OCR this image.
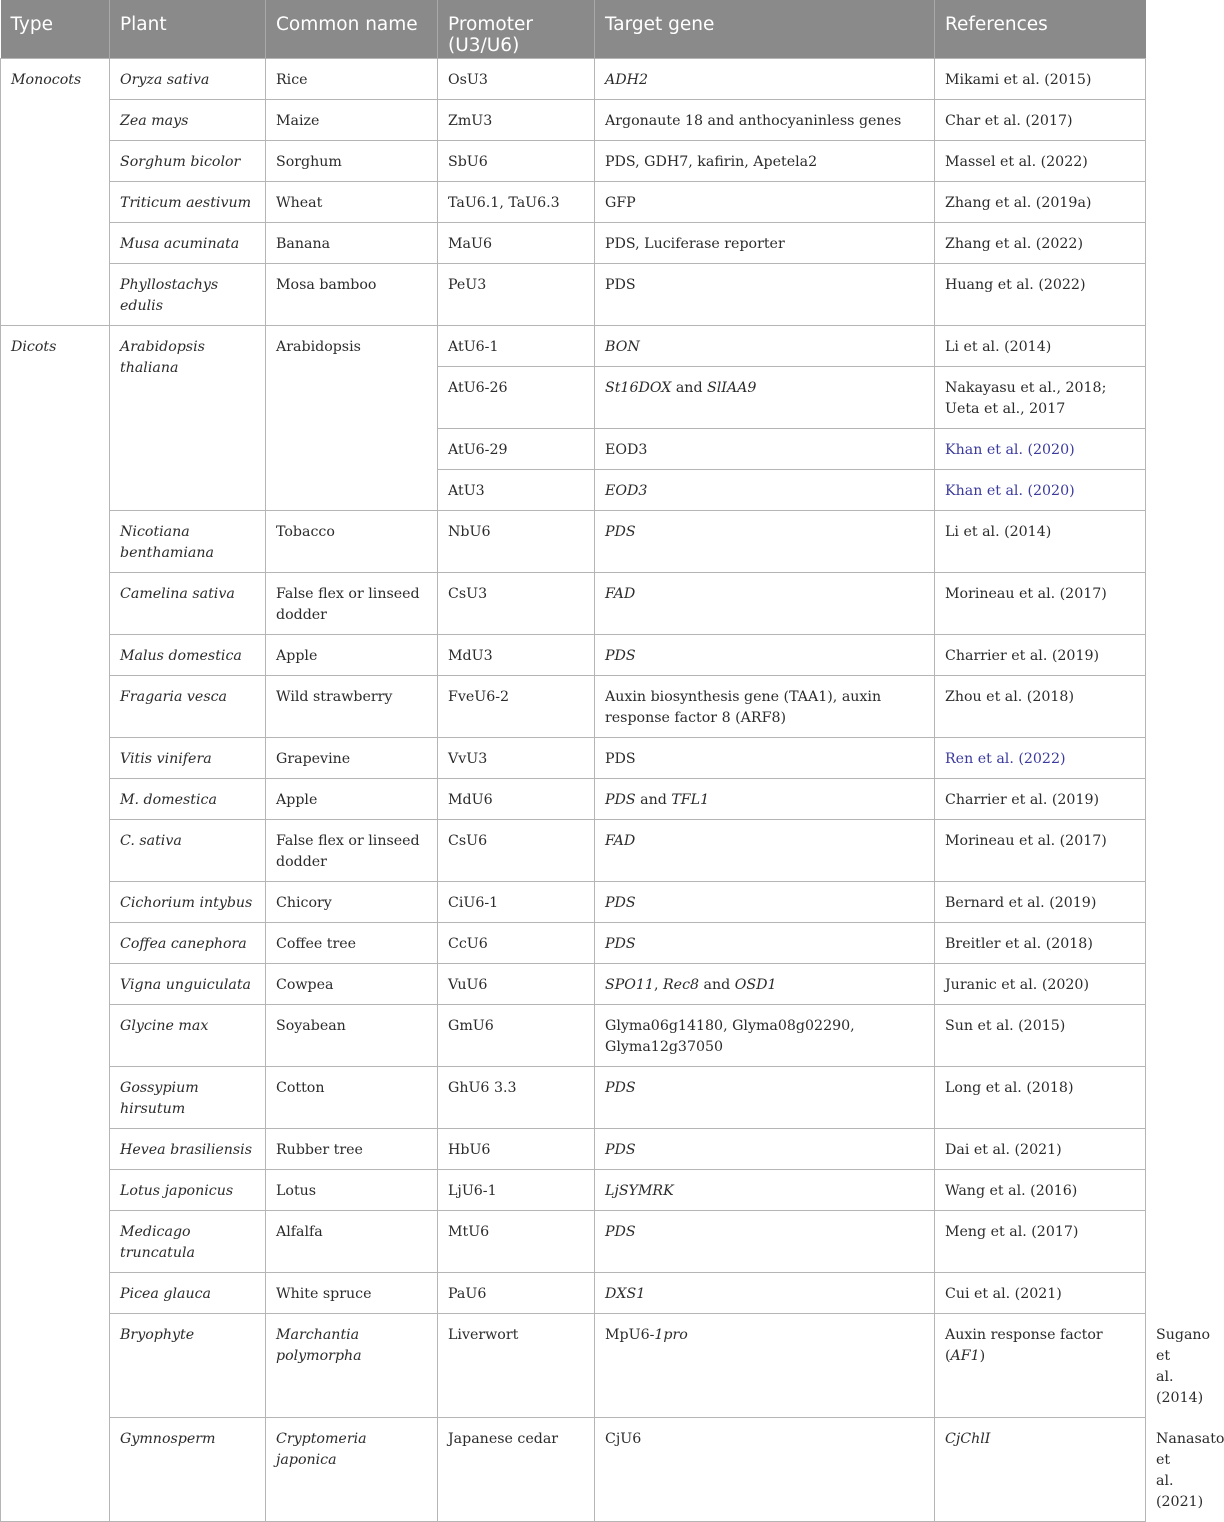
Type	Plant	Common name	Promoter (U3/U6)	Target gene	References	
Monocots	Oryza sativa	Rice	OsU3	ADH2	Mikami et al. (2015)	
	Zea mays	Maize	ZmU3	Argonaute 18 and anthocyaninless genes	Char et al. (2017)	
	Sorghum bicolor	Sorghum	SbU6	PDS, GDH7, kafirin, Apetela2	Massel et al. (2022)	
	Triticum aestivum	Wheat	TaU6.1, TaU6.3	GFP	Zhang et al. (2019a)	
	Musa acuminata	Banana	MaU6	PDS, Luciferase reporter	Zhang et al. (2022)	
	Phyllostachys edulis	Mosa bamboo	PeU3	PDS	Huang et al. (2022)	
Dicots	Arabidopsis thaliana	Arabidopsis	AtU6-1	BON	Li et al. (2014)	
			AtU6-26	St16DOX and SlIAA9	Nakayasu et al., 2018; Ueta et al., 2017	
			AtU6-29	EOD3	Khan et al. (2020)	
			AtU3	EOD3	Khan et al. (2020)	
	Nicotiana benthamiana	Tobacco	NbU6	PDS	Li et al. (2014)	
	Camelina sativa	False flex or linseed dodder	CsU3	FAD	Morineau et al. (2017)	
	Malus domestica	Apple	MdU3	PDS	Charrier et al. (2019)	
	Fragaria vesca	Wild strawberry	FveU6-2	Auxin biosynthesis gene (TAA1), auxin response factor 8 (ARF8)	Zhou et al. (2018)	
	Vitis vinifera	Grapevine	VvU3	PDS	Ren et al. (2022)	
	M. domestica	Apple	MdU6	PDS and TFL1	Charrier et al. (2019)	
	C. sativa	False flex or linseed dodder	CsU6	FAD	Morineau et al. (2017)	
	Cichorium intybus	Chicory	CiU6-1	PDS	Bernard et al. (2019)	
	Coffea canephora	Coffee tree	CcU6	PDS	Breitler et al. (2018)	
	Vigna unguiculata	Cowpea	VuU6	SPO11, Rec8 and OSD1	Juranic et al. (2020)	
	Glycine max	Soyabean	GmU6	Glyma06g14180, Glyma08g02290, Glyma12g37050	Sun et al. (2015)	
	Gossypium hirsutum	Cotton	GhU6 3.3	PDS	Long et al. (2018)	
	Hevea brasiliensis	Rubber tree	HbU6	PDS	Dai et al. (2021)	
	Lotus japonicus	Lotus	LjU6-1	LjSYMRK	Wang et al. (2016)	
	Medicago truncatula	Alfalfa	MtU6	PDS	Meng et al. (2017)	
	Picea glauca	White spruce	PaU6	DXS1	Cui et al. (2021)	
	Bryophyte	Marchantia polymorpha	Liverwort	MpU6-1pro	Auxin response factor (AF1)	Sugano et al. (2014)
	Gymnosperm	Cryptomeria japonica	Japanese cedar	CjU6	CjChlI	Nanasato et al. (2021)
